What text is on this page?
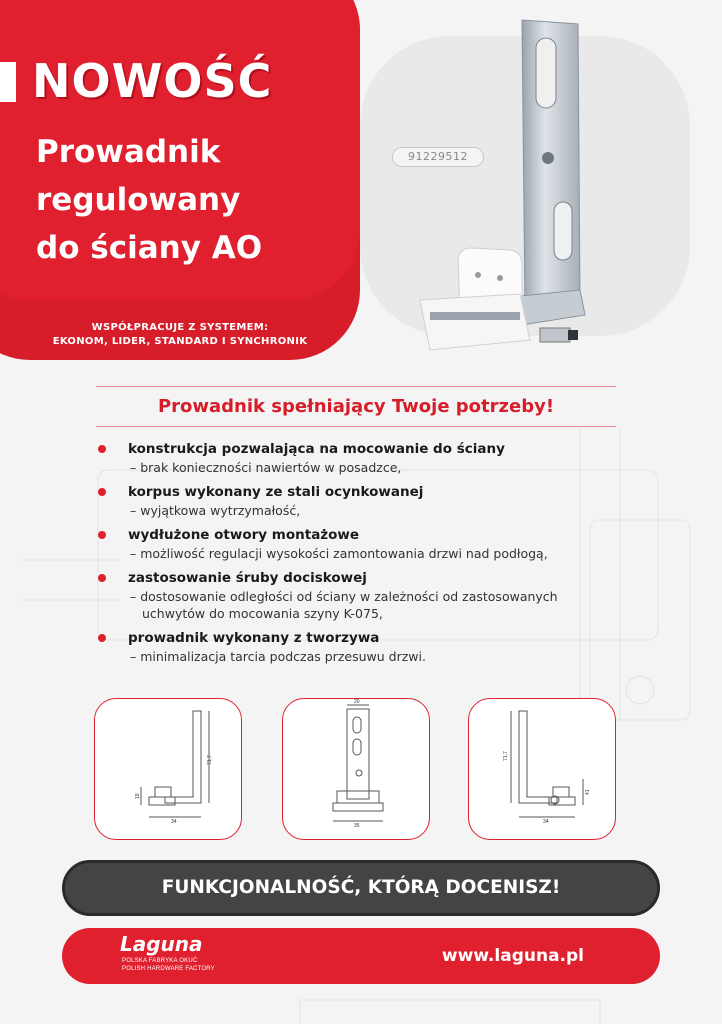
NOWOŚĆ
Prowadnik
regulowany
do ściany AO
WSPÓŁPRACUJE Z SYSTEMEM:
EKONOM, LIDER, STANDARD I SYNCHRONIK
91229512
Prowadnik spełniający Twoje potrzeby!
konstrukcja pozwalająca na mocowanie do ściany
– brak konieczności nawiertów w posadzce,
korpus wykonany ze stali ocynkowanej
– wyjątkowa wytrzymałość,
wydłużone otwory montażowe
– możliwość regulacji wysokości zamontowania drzwi nad podłogą,
zastosowanie śruby dociskowej
– dostosowanie odległości od ściany w zależności od zastosowanych
uchwytów do mocowania szyny K-075,
prowadnik wykonany z tworzywa
– minimalizacja tarcia podczas przesuwu drzwi.
71,7
19
34
20
35
71,7
41
34
FUNKCJONALNOŚĆ, KTÓRĄ DOCENISZ!
Laguna
POLSKA FABRYKA OKUĆ
POLISH HARDWARE FACTORY
www.laguna.pl
